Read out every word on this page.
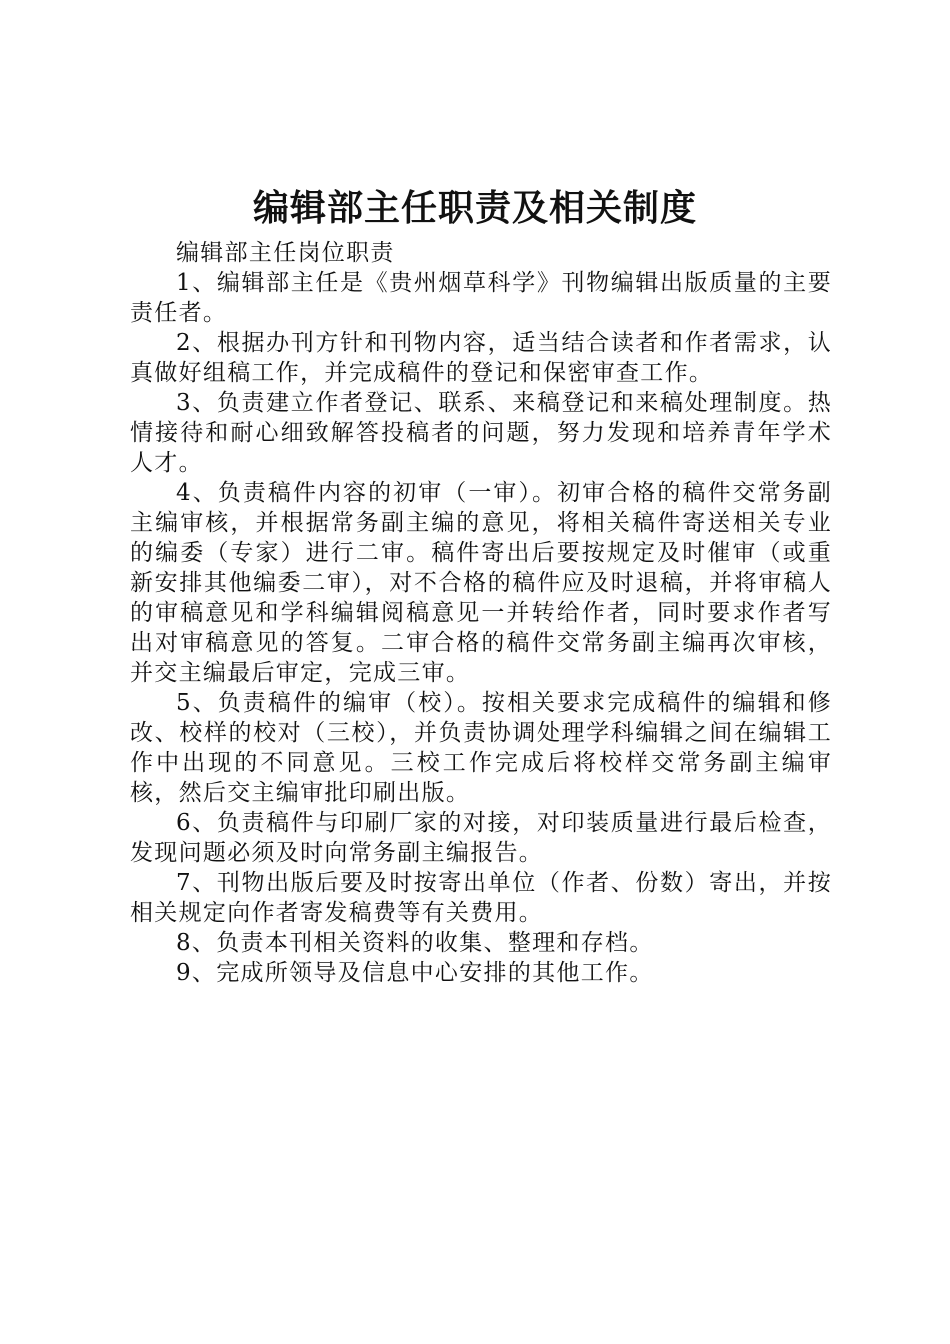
编辑部主任职责及相关制度

编辑部主任岗位职责

1、编辑部主任是《贵州烟草科学》刊物编辑出版质量的主要责任者。

2、根据办刊方针和刊物内容，适当结合读者和作者需求，认真做好组稿工作，并完成稿件的登记和保密审查工作。

3、负责建立作者登记、联系、来稿登记和来稿处理制度。热情接待和耐心细致解答投稿者的问题，努力发现和培养青年学术人才。

4、负责稿件内容的初审（一审）。初审合格的稿件交常务副主编审核，并根据常务副主编的意见，将相关稿件寄送相关专业的编委（专家）进行二审。稿件寄出后要按规定及时催审（或重新安排其他编委二审），对不合格的稿件应及时退稿，并将审稿人的审稿意见和学科编辑阅稿意见一并转给作者，同时要求作者写出对审稿意见的答复。二审合格的稿件交常务副主编再次审核，并交主编最后审定，完成三审。

5、负责稿件的编审（校）。按相关要求完成稿件的编辑和修改、校样的校对（三校），并负责协调处理学科编辑之间在编辑工作中出现的不同意见。三校工作完成后将校样交常务副主编审核，然后交主编审批印刷出版。

6、负责稿件与印刷厂家的对接，对印装质量进行最后检查，发现问题必须及时向常务副主编报告。

7、刊物出版后要及时按寄出单位（作者、份数）寄出，并按相关规定向作者寄发稿费等有关费用。

8、负责本刊相关资料的收集、整理和存档。

9、完成所领导及信息中心安排的其他工作。
